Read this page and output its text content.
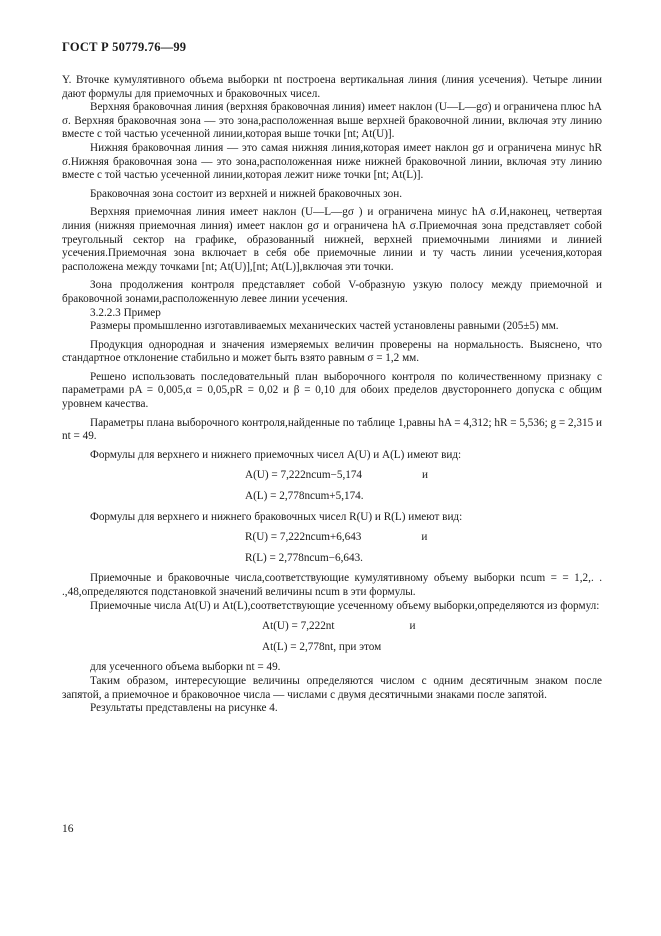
ГОСТ Р 50779.76—99

Y. Вточке кумулятивного объема выборки nt построена вертикальная линия (линия усечения). Четыре линии дают формулы для приемочных и браковочных чисел.

Верхняя браковочная линия (верхняя браковочная линия) имеет наклон (U—L—gσ) и ограничена плюс hA σ. Верхняя браковочная зона — это зона,расположенная выше верхней браковочной линии, включая эту линию вместе с той частью усеченной линии,которая выше точки [nt; At(U)].

Нижняя браковочная линия — это самая нижняя линия,которая имеет наклон gσ и ограничена минус hR σ.Нижняя браковочная зона — это зона,расположенная ниже нижней браковочной линии, включая эту линию вместе с той частью усеченной линии,которая лежит ниже точки [nt; At(L)].

Браковочная зона состоит из верхней и нижней браковочных зон.

Верхняя приемочная линия имеет наклон (U—L—gσ ) и ограничена минус hA σ.И,наконец, четвертая линия (нижняя приемочная линия) имеет наклон gσ и ограничена hA σ.Приемочная зона представляет собой треугольный сектор на графике, образованный нижней, верхней приемочными линиями и линией усечения.Приемочная зона включает в себя обе приемочные линии и ту часть линии усечения,которая расположена между точками [nt; At(U)],[nt; At(L)],включая эти точки.

Зона продолжения контроля представляет собой V-образную узкую полосу между приемочной и браковочной зонами,расположенную левее линии усечения.

3.2.2.3 Пример

Размеры промышленно изготавливаемых механических частей установлены равными (205±5) мм.

Продукция однородная и значения измеряемых величин проверены на нормальность. Выяснено, что стандартное отклонение стабильно и может быть взято равным σ = 1,2 мм.

Решено использовать последовательный план выборочного контроля по количественному признаку с параметрами pA = 0,005,α = 0,05,pR = 0,02 и β = 0,10 для обоих пределов двустороннего допуска с общим уровнем качества.

Параметры плана выборочного контроля,найденные по таблице 1,равны hA = 4,312; hR = 5,536; g = 2,315 и nt = 49.

Формулы для верхнего и нижнего приемочных чисел A(U) и A(L) имеют вид:

A(U) = 7,222ncum−5,174	и
A(L) = 2,778ncum+5,174.

Формулы для верхнего и нижнего браковочных чисел R(U) и R(L) имеют вид:

R(U) = 7,222ncum+6,643	и
R(L) = 2,778ncum−6,643.

Приемочные и браковочные числа,соответствующие кумулятивному объему выборки ncum = = 1,2,. . .,48,определяются подстановкой значений величины ncum в эти формулы.

Приемочные числа At(U) и At(L),соответствующие усеченному объему выборки,определяются из формул:

At(U) = 7,222nt	и
At(L) = 2,778nt, при этом

для усеченного объема выборки nt = 49.

Таким образом, интересующие величины определяются числом с одним десятичным знаком после запятой, а приемочное и браковочное числа — числами с двумя десятичными знаками после запятой.

Результаты представлены на рисунке 4.

16
